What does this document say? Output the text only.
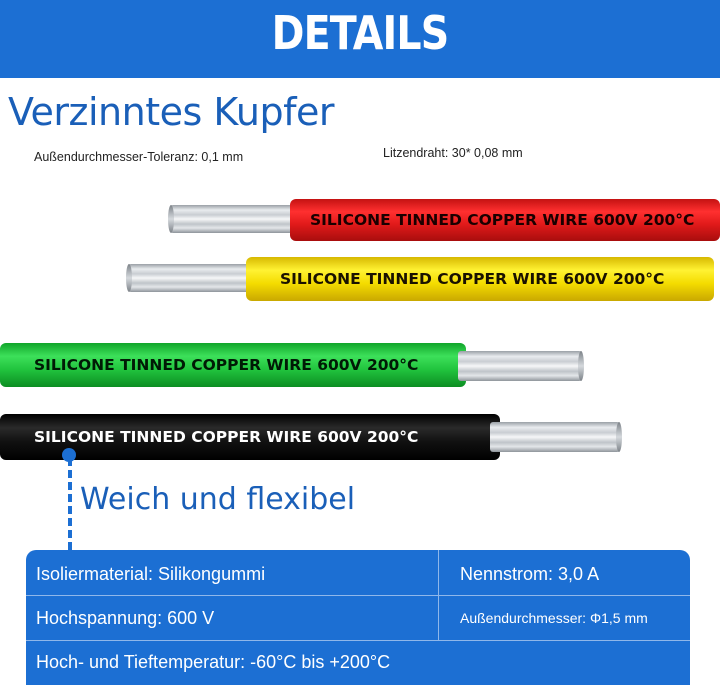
DETAILS
Verzinntes Kupfer
Außendurchmesser-Toleranz: 0,1 mm	Litzendraht: 30* 0,08 mm
SILICONE TINNED COPPER WIRE 600V 200°C
SILICONE TINNED COPPER WIRE 600V 200°C
SILICONE TINNED COPPER WIRE 600V 200°C
SILICONE TINNED COPPER WIRE 600V 200°C
Weich und flexibel
Isoliermaterial: Silikongummi	Nennstrom: 3,0 A
Hochspannung: 600 V	Außendurchmesser: Φ1,5 mm
Hoch- und Tieftemperatur: -60°C bis +200°C
